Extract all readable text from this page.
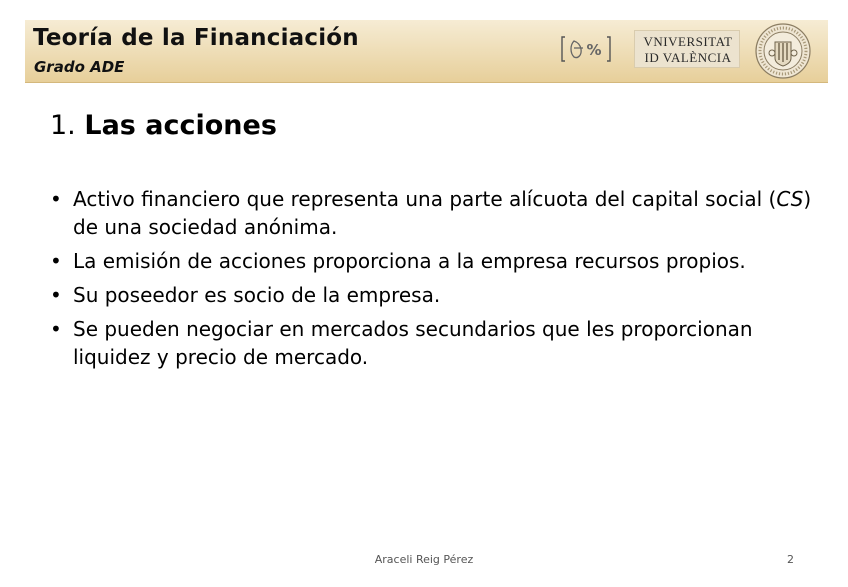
Teoría de la Financiación
Grado ADE
%	VNIVERSITAT
ID VALÈNCIA
1. Las acciones
• Activo financiero que representa una parte alícuota del capital social (CS) de una sociedad anónima.
• La emisión de acciones proporciona a la empresa recursos propios.
• Su poseedor es socio de la empresa.
• Se pueden negociar en mercados secundarios que les proporcionan liquidez y precio de mercado.
Araceli Reig Pérez	2
